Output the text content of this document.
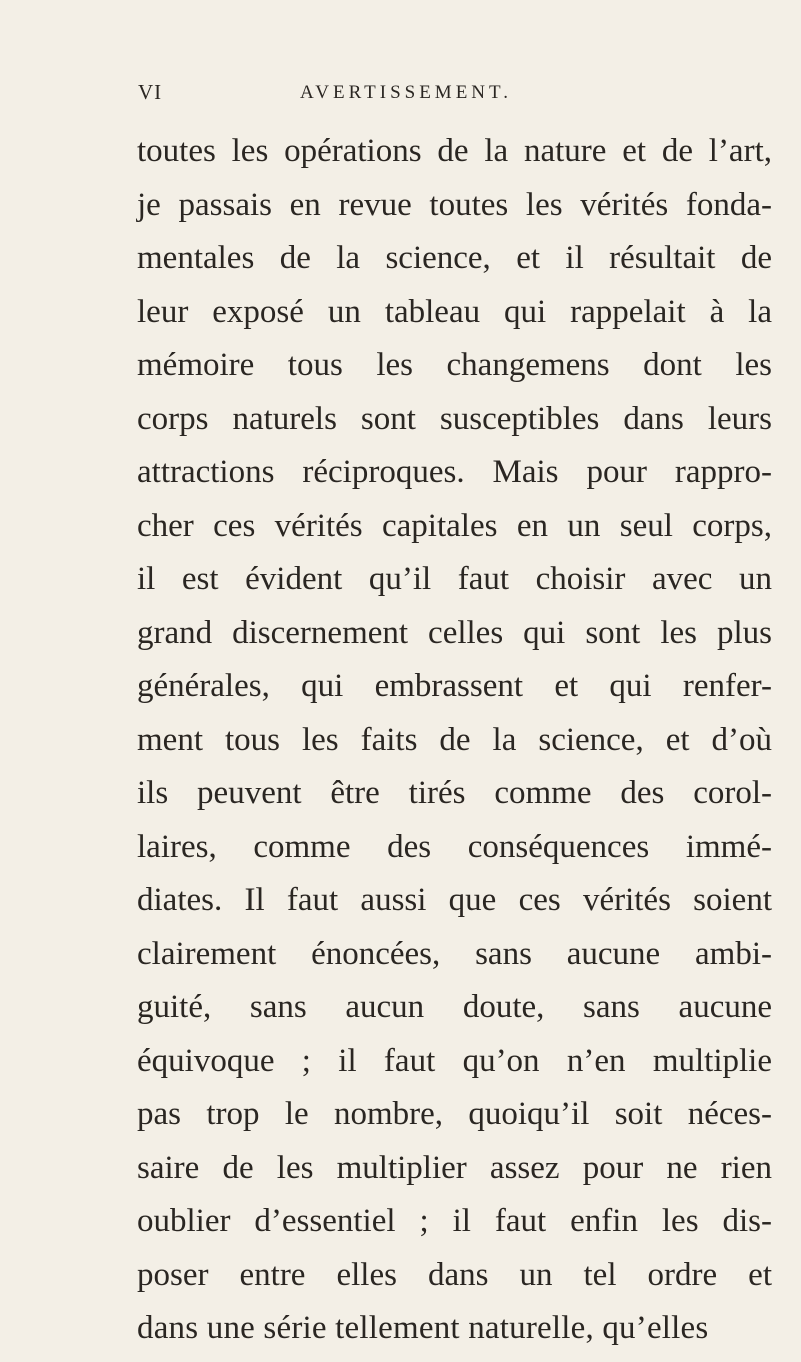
VI	AVERTISSEMENT.
toutes les opérations de la nature et de l’art,
je passais en revue toutes les vérités fonda-
mentales de la science, et il résultait de
leur exposé un tableau qui rappelait à la
mémoire tous les changemens dont les
corps naturels sont susceptibles dans leurs
attractions réciproques. Mais pour rappro-
cher ces vérités capitales en un seul corps,
il est évident qu’il faut choisir avec un
grand discernement celles qui sont les plus
générales, qui embrassent et qui renfer-
ment tous les faits de la science, et d’où
ils peuvent être tirés comme des corol-
laires, comme des conséquences immé-
diates. Il faut aussi que ces vérités soient
clairement énoncées, sans aucune ambi-
guité, sans aucun doute, sans aucune
équivoque ; il faut qu’on n’en multiplie
pas trop le nombre, quoiqu’il soit néces-
saire de les multiplier assez pour ne rien
oublier d’essentiel ; il faut enfin les dis-
poser entre elles dans un tel ordre et
dans une série tellement naturelle, qu’elles
